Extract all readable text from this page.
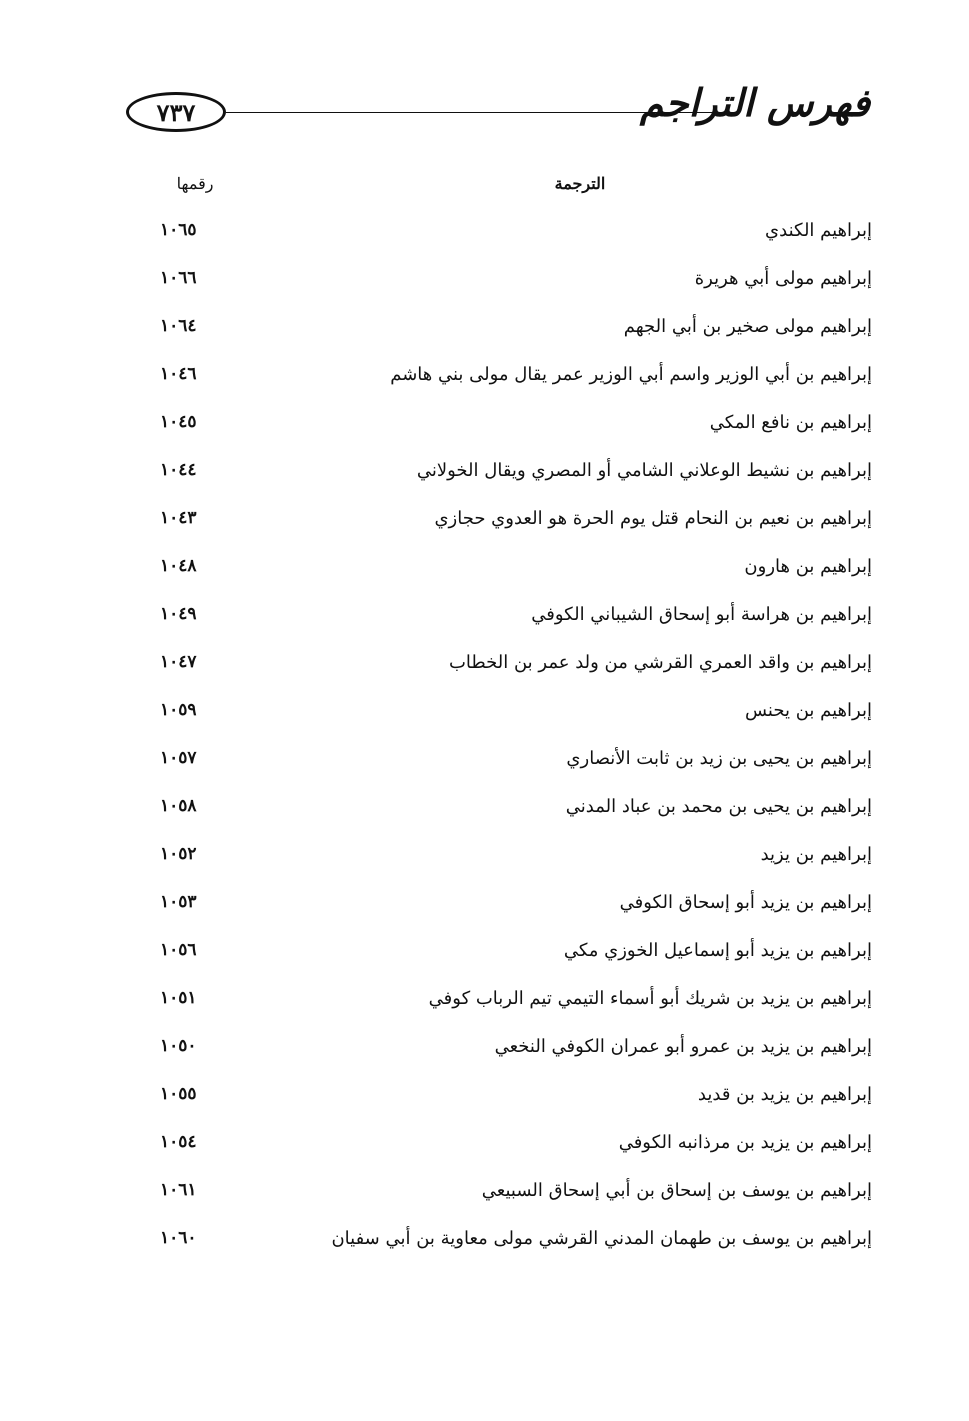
٧٣٧	فهرس التراجم
الترجمة
رقمها
إبراهيم الكندي
١٠٦٥
إبراهيم مولى أبي هريرة
١٠٦٦
إبراهيم مولى صخير بن أبي الجهم
١٠٦٤
إبراهيم بن أبي الوزير واسم أبي الوزير عمر يقال مولى بني هاشم
١٠٤٦
إبراهيم بن نافع المكي
١٠٤٥
إبراهيم بن نشيط الوعلاني الشامي أو المصري ويقال الخولاني
١٠٤٤
إبراهيم بن نعيم بن النحام قتل يوم الحرة هو العدوي حجازي
١٠٤٣
إبراهيم بن هارون
١٠٤٨
إبراهيم بن هراسة أبو إسحاق الشيباني الكوفي
١٠٤٩
إبراهيم بن واقد العمري القرشي من ولد عمر بن الخطاب
١٠٤٧
إبراهيم بن يحنس
١٠٥٩
إبراهيم بن يحيى بن زيد بن ثابت الأنصاري
١٠٥٧
إبراهيم بن يحيى بن محمد بن عباد المدني
١٠٥٨
إبراهيم بن يزيد
١٠٥٢
إبراهيم بن يزيد أبو إسحاق الكوفي
١٠٥٣
إبراهيم بن يزيد أبو إسماعيل الخوزي مكي
١٠٥٦
إبراهيم بن يزيد بن شريك أبو أسماء التيمي تيم الرباب كوفي
١٠٥١
إبراهيم بن يزيد بن عمرو أبو عمران الكوفي النخعي
١٠٥٠
إبراهيم بن يزيد بن قديد
١٠٥٥
إبراهيم بن يزيد بن مرذانبه الكوفي
١٠٥٤
إبراهيم بن يوسف بن إسحاق بن أبي إسحاق السبيعي
١٠٦١
إبراهيم بن يوسف بن طهمان المدني القرشي مولى معاوية بن أبي سفيان
١٠٦٠
